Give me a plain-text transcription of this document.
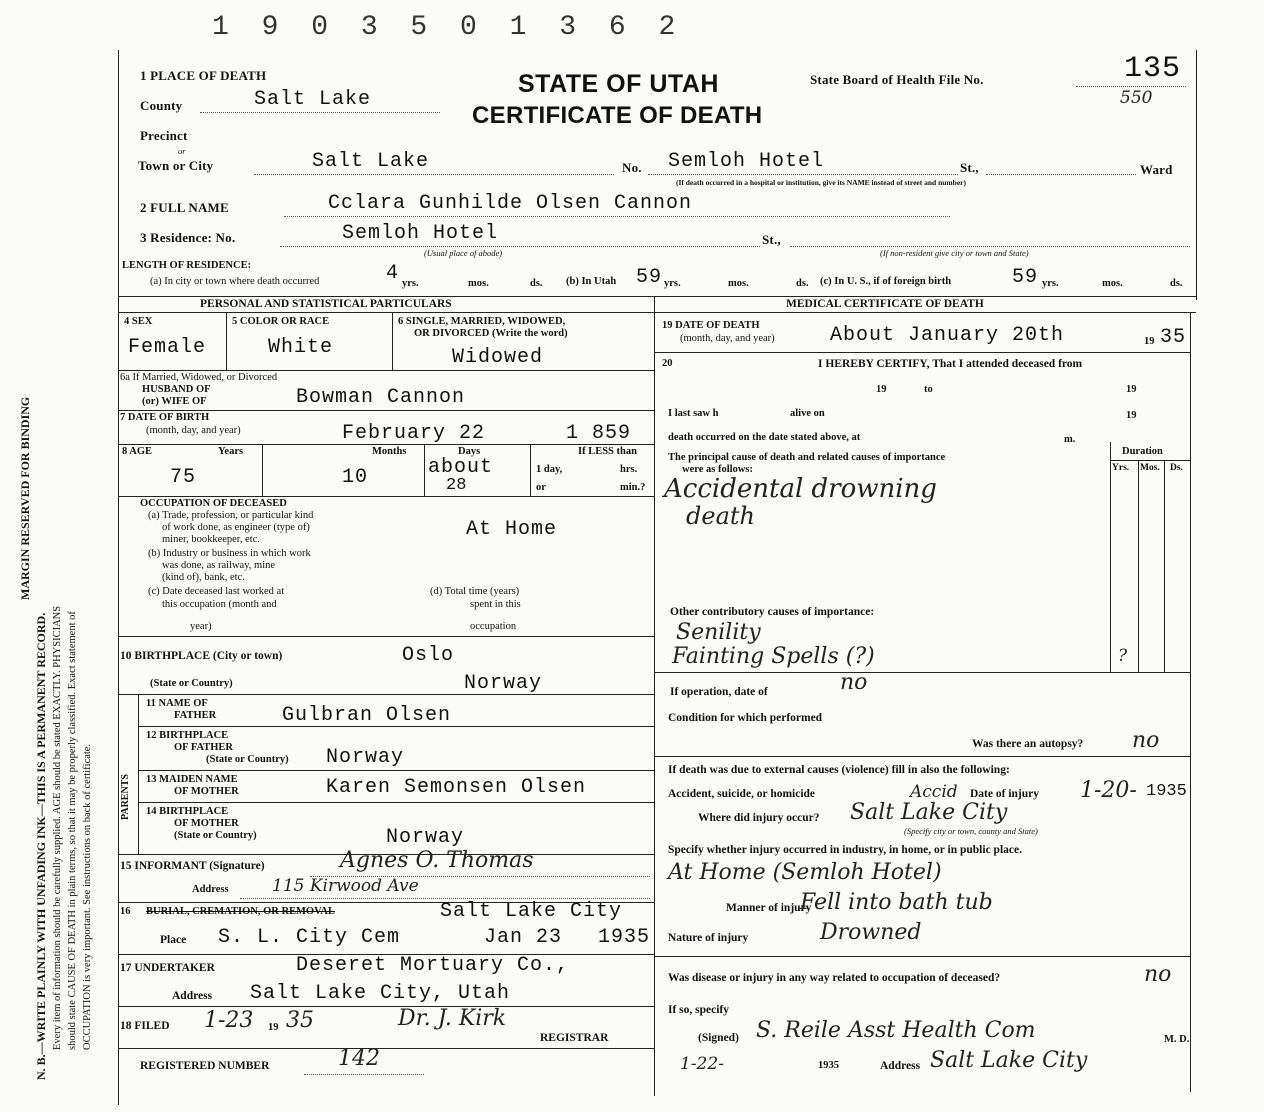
1 9 0 3 5 0 1 3 6 2
MARGIN RESERVED FOR BINDING
N. B.—WRITE PLAINLY WITH UNFADING INK—THIS IS A PERMANENT RECORD. Every item of information should be carefully supplied. AGE should be stated EXACTLY. PHYSICIANS should state CAUSE OF DEATH in plain terms, so that it may be properly classified. Exact statement of OCCUPATION is very important. See instructions on back of certificate.
1 PLACE OF DEATH	STATE OF UTAH
CERTIFICATE OF DEATH
State Board of Health File No.	135
550
County	Salt Lake
Precinct
or
Town or City	Salt Lake	No. Semloh Hotel	St.,	Ward
(If death occurred in a hospital or institution, give its NAME instead of street and number)
2 FULL NAME	Cclara Gunhilde Olsen Cannon
3 Residence: No.	Semloh Hotel	St.,
(Usual place of abode)	(If non-resident give city or town and State)
LENGTH OF RESIDENCE:
(a) In city or town where death occurred	4 yrs.	mos.	ds. (b) In Utah 59 yrs.	mos.	ds. (c) In U. S., if of foreign birth	59 yrs.	mos.	ds.
PERSONAL AND STATISTICAL PARTICULARS	MEDICAL CERTIFICATE OF DEATH
4 SEX
Female
5 COLOR OR RACE
White
6 SINGLE, MARRIED, WIDOWED,
OR DIVORCED (Write the word)
Widowed
6a If Married, Widowed, or Divorced
HUSBAND OF
(or) WIFE OF	Bowman Cannon
7 DATE OF BIRTH
(month, day, and year)	February 22	1 859
8 AGE	Years	Months	Days	If LESS than
1 day,	hrs.
or	min.?
75	10	about
28
OCCUPATION OF DECEASED
(a) Trade, profession, or particular kind
of work done, as engineer (type of)
miner, bookkeeper, etc.	At Home
(b) Industry or business in which work
was done, as railway, mine
(kind of), bank, etc.
(c) Date deceased last worked at
this occupation (month and
year)
(d) Total time (years)
spent in this
occupation
10 BIRTHPLACE (City or town)	Oslo
(State or Country)	Norway
PARENTS
11 NAME OF
FATHER	Gulbran Olsen
12 BIRTHPLACE
OF FATHER
(State or Country) Norway
13 MAIDEN NAME
OF MOTHER	Karen Semonsen Olsen
14 BIRTHPLACE
OF MOTHER
(State or Country)	Norway
15 INFORMANT (Signature)	Agnes O. Thomas
Address	115 Kirwood Ave
16 BURIAL, CREMATION, OR REMOVAL	Salt Lake City
Place S. L. City Cem	Jan 23 1935
17 UNDERTAKER	Deseret Mortuary Co.,
Address Salt Lake City, Utah
18 FILED 1-23 19 35	Dr. J. Kirk
REGISTRAR
REGISTERED NUMBER	142
19 DATE OF DEATH
(month, day, and year)	About January 20th	19 35
20	I HEREBY CERTIFY, That I attended deceased from
19	to	19
I last saw h	alive on	19
death occurred on the date stated above, at	m.
The principal cause of death and related causes of importance
were as follows:
Duration
Yrs. Mos. Ds.
Accidental drowning
death
Other contributory causes of importance:
Senility
Fainting Spells (?)	?
If operation, date of	no
Condition for which performed
Was there an autopsy? no
If death was due to external causes (violence) fill in also the following:
Accident, suicide, or homicide	Accid Date of injury 1-20- 1935
Where did injury occur? Salt Lake City
(Specify city or town, county and State)
Specify whether injury occurred in industry, in home, or in public place.
At Home (Semloh Hotel)
Manner of injury
Fell into bath tub
Nature of injury	Drowned
Was disease or injury in any way related to occupation of deceased?	no
If so, specify
(Signed) S. Reile Asst Health Com	M. D.
1-22-	1935	Address Salt Lake City
